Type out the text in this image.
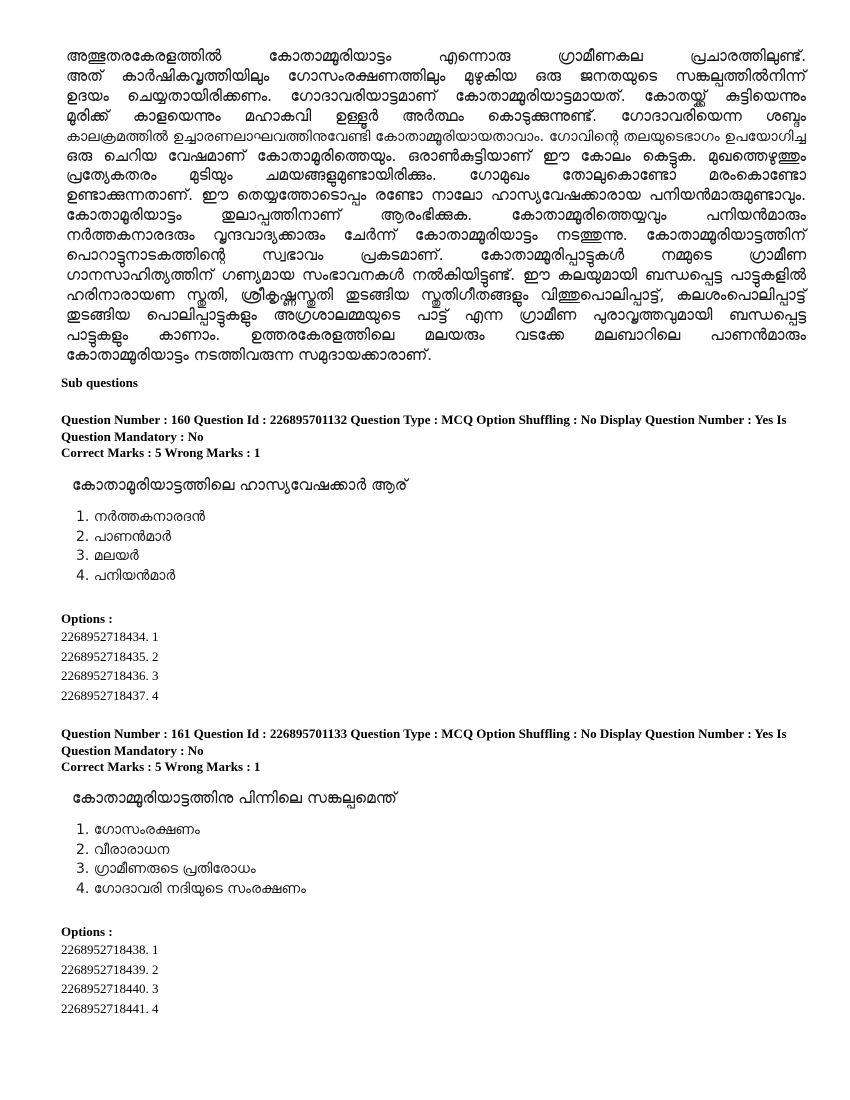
അത്ഭുതരകേരളത്തിൽ കോതാമ്മൂരിയാട്ടം എന്നൊരു ഗ്രാമീണകല പ്രചാരത്തിലുണ്ട്.
അത് കാർഷികവൃത്തിയിലും ഗോസംരക്ഷണത്തിലും മുഴുകിയ ഒരു ജനതയുടെ സങ്കല്പത്തിൽനിന്ന്
ഉദയം ചെയ്യതായിരിക്കണം. ഗോദാവരിയാട്ടമാണ് കോതാമ്മൂരിയാട്ടമായത്. കോതയ്ക്ക് കുട്ടിയെന്നും
മൂരിക്ക് കാളയെന്നും മഹാകവി ഉള്ളൂർ അർത്ഥം കൊടുക്കുന്നുണ്ട്. ഗോദാവരിയെന്ന ശബ്ദം
കാലക്രമത്തിൽ ഉച്ചാരണലാഘവത്തിനുവേണ്ടി കോതാമ്മൂരിയായതാവാം. ഗോവിന്റെ തലയുടെഭാഗം ഉപയോഗിച്ച
ഒരു ചെറിയ വേഷമാണ് കോതാമൂരിത്തെയും. ഒരാൺകുട്ടിയാണ് ഈ കോലം കെട്ടുക. മുഖത്തെഴുത്തും
പ്രത്യേകതരം മുടിയും ചമയങ്ങളുമുണ്ടായിരിക്കും. ഗോമുഖം തോലുകൊണ്ടോ മരംകൊണ്ടോ
ഉണ്ടാക്കുന്നതാണ്. ഈ തെയ്യത്തോടൊപ്പം രണ്ടോ നാലോ ഹാസ്യവേഷക്കാരായ പനിയൻമാരുമുണ്ടാവും.
കോതാമൂരിയാട്ടം തുലാപ്പത്തിനാണ് ആരംഭിക്കുക. കോതാമ്മൂരിത്തെയ്യവും പനിയൻമാരും
നർത്തകനാരദരും വൃന്ദവാദ്യക്കാരും ചേർന്ന് കോതാമ്മൂരിയാട്ടം നടത്തുന്നു. കോതാമ്മൂരിയാട്ടത്തിന്
പൊറാട്ടുനാടകത്തിന്റെ സ്വഭാവം പ്രകടമാണ്. കോതാമ്മൂരിപ്പാട്ടുകൾ നമ്മുടെ ഗ്രാമീണ
ഗാനസാഹിത്യത്തിന് ഗണ്യമായ സംഭാവനകൾ നൽകിയിട്ടുണ്ട്. ഈ കലയുമായി ബന്ധപ്പെട്ട പാട്ടുകളിൽ
ഹരിനാരായണ സ്തുതി, ശ്രീകൃഷ്ണസ്തുതി തുടങ്ങിയ സ്തുതിഗീതങ്ങളും വിത്തുപൊലിപ്പാട്ട്, കലശംപൊലിപ്പാട്ട്
തുടങ്ങിയ പൊലിപ്പാട്ടുകളും അഗ്രശാലമ്മയുടെ പാട്ട് എന്ന ഗ്രാമീണ പുരാവൃത്തവുമായി ബന്ധപ്പെട്ട
പാട്ടുകളും കാണാം. ഉത്തരകേരളത്തിലെ മലയരും വടക്കേ മലബാറിലെ പാണൻമാരും
കോതാമ്മൂരിയാട്ടം നടത്തിവരുന്ന സമുദായക്കാരാണ്.
Sub questions
Question Number : 160 Question Id : 226895701132 Question Type : MCQ Option Shuffling : No Display Question Number : Yes Is
Question Mandatory : No
Correct Marks : 5 Wrong Marks : 1
കോതാമൂരിയാട്ടത്തിലെ ഹാസ്യവേഷക്കാർ ആര്
1. നർത്തകനാരദൻ
2. പാണൻമാർ
3. മലയർ
4. പനിയൻമാർ
Options :
2268952718434. 1
2268952718435. 2
2268952718436. 3
2268952718437. 4
Question Number : 161 Question Id : 226895701133 Question Type : MCQ Option Shuffling : No Display Question Number : Yes Is
Question Mandatory : No
Correct Marks : 5 Wrong Marks : 1
കോതാമ്മൂരിയാട്ടത്തിനു പിന്നിലെ സങ്കല്പമെന്ത്
1. ഗോസംരക്ഷണം
2. വീരാരാധന
3. ഗ്രാമീണരുടെ പ്രതിരോധം
4. ഗോദാവരി നദിയുടെ സംരക്ഷണം
Options :
2268952718438. 1
2268952718439. 2
2268952718440. 3
2268952718441. 4
